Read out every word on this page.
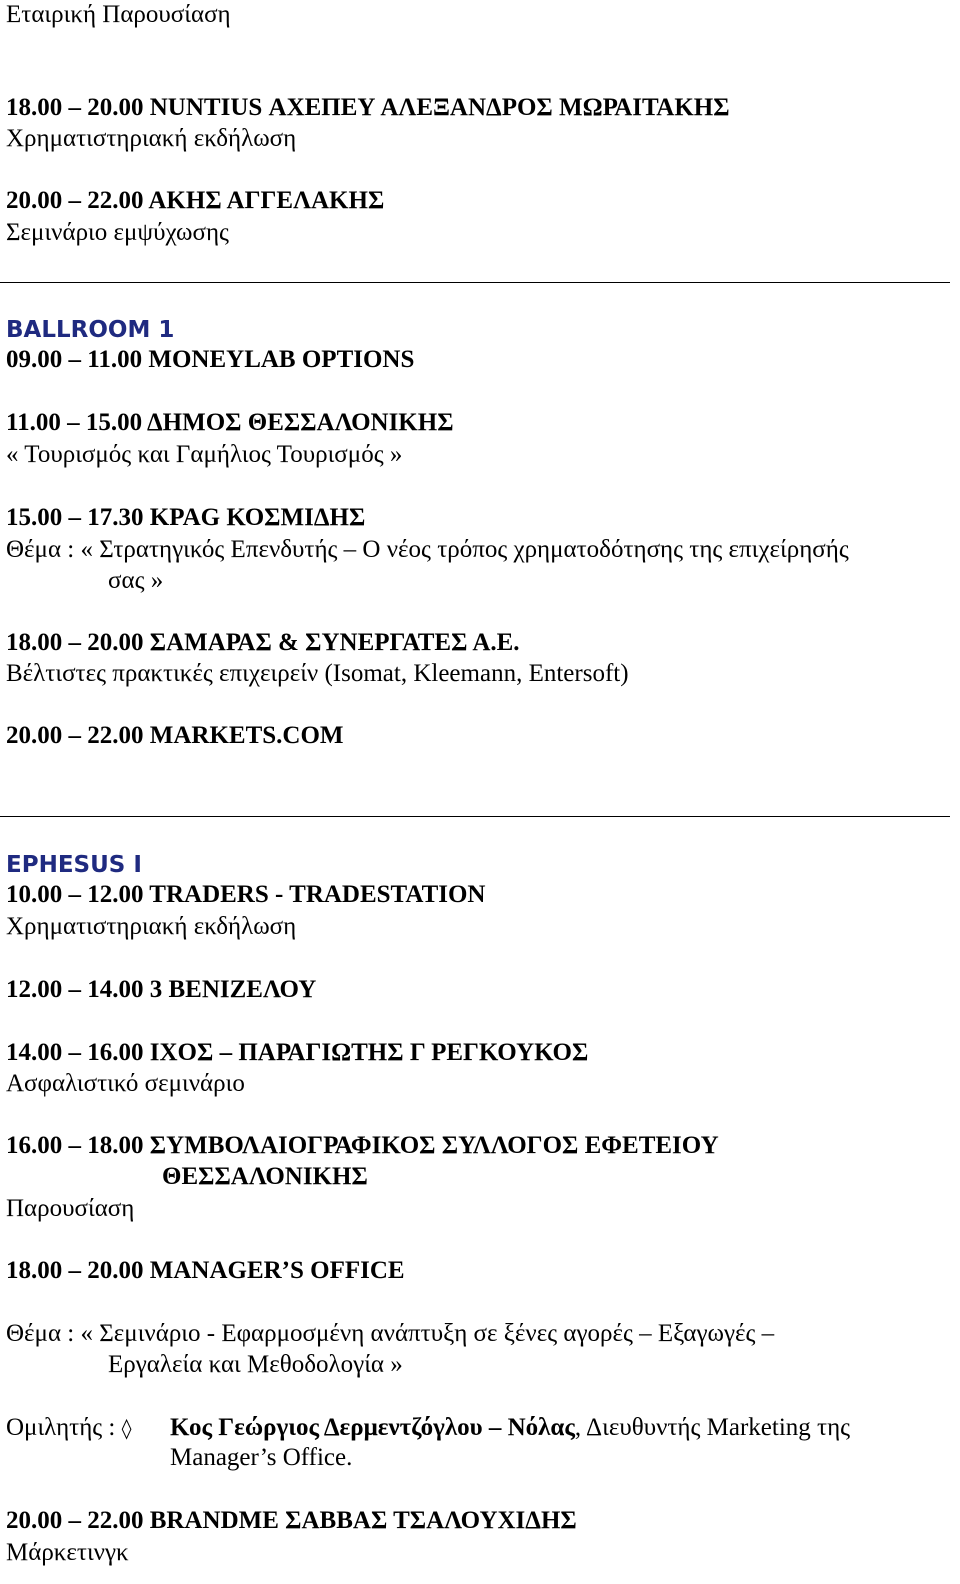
Εταιρική Παρουσίαση
18.00 – 20.00 NUNTIUS ΑΧΕΠΕΥ ΑΛΕΞΑΝΔΡΟΣ ΜΩΡΑΙΤΑΚΗΣ
Χρηματιστηριακή εκδήλωση
20.00 – 22.00 ΑΚΗΣ ΑΓΓΕΛΑΚΗΣ
Σεμινάριο εμψύχωσης
BALLROOM 1
09.00 – 11.00 MONEYLAB OPTIONS
11.00 – 15.00 ΔΗΜΟΣ ΘΕΣΣΑΛΟΝΙΚΗΣ
« Τουρισμός και Γαμήλιος Τουρισμός »
15.00 – 17.30 KPAG ΚΟΣΜΙΔΗΣ
Θέμα : « Στρατηγικός Επενδυτής – Ο νέος τρόπος χρηματοδότησης της επιχείρησής
σας »
18.00 – 20.00 ΣΑΜΑΡΑΣ & ΣΥΝΕΡΓΑΤΕΣ Α.Ε.
Βέλτιστες πρακτικές επιχειρείν (Isomat, Kleemann, Entersoft)
20.00 – 22.00 MARKETS.COM
EPHESUS I
10.00 – 12.00 TRADERS - TRADESTATION
Χρηματιστηριακή εκδήλωση
12.00 – 14.00 3 ΒΕΝΙΖΕΛΟΥ
14.00 – 16.00 ΙΧΟΣ – ΠΑΡΑΓΙΩΤΗΣ Γ ΡΕΓΚΟΥΚΟΣ
Ασφαλιστικό σεμινάριο
16.00 – 18.00 ΣΥΜΒΟΛΑΙΟΓΡΑΦΙΚΟΣ ΣΥΛΛΟΓΟΣ ΕΦΕΤΕΙΟΥ
ΘΕΣΣΑΛΟΝΙΚΗΣ
Παρουσίαση
18.00 – 20.00 MANAGER’S OFFICE
Θέμα : « Σεμινάριο - Εφαρμοσμένη ανάπτυξη σε ξένες αγορές – Εξαγωγές –
Εργαλεία και Μεθοδολογία »
Ομιλητής : ◊ Κος Γεώργιος Δερμεντζόγλου – Νόλας, Διευθυντής Marketing της Manager’s Office.
20.00 – 22.00 BRANDME ΣΑΒΒΑΣ ΤΣΑΛΟΥΧΙΔΗΣ
Μάρκετινγκ
